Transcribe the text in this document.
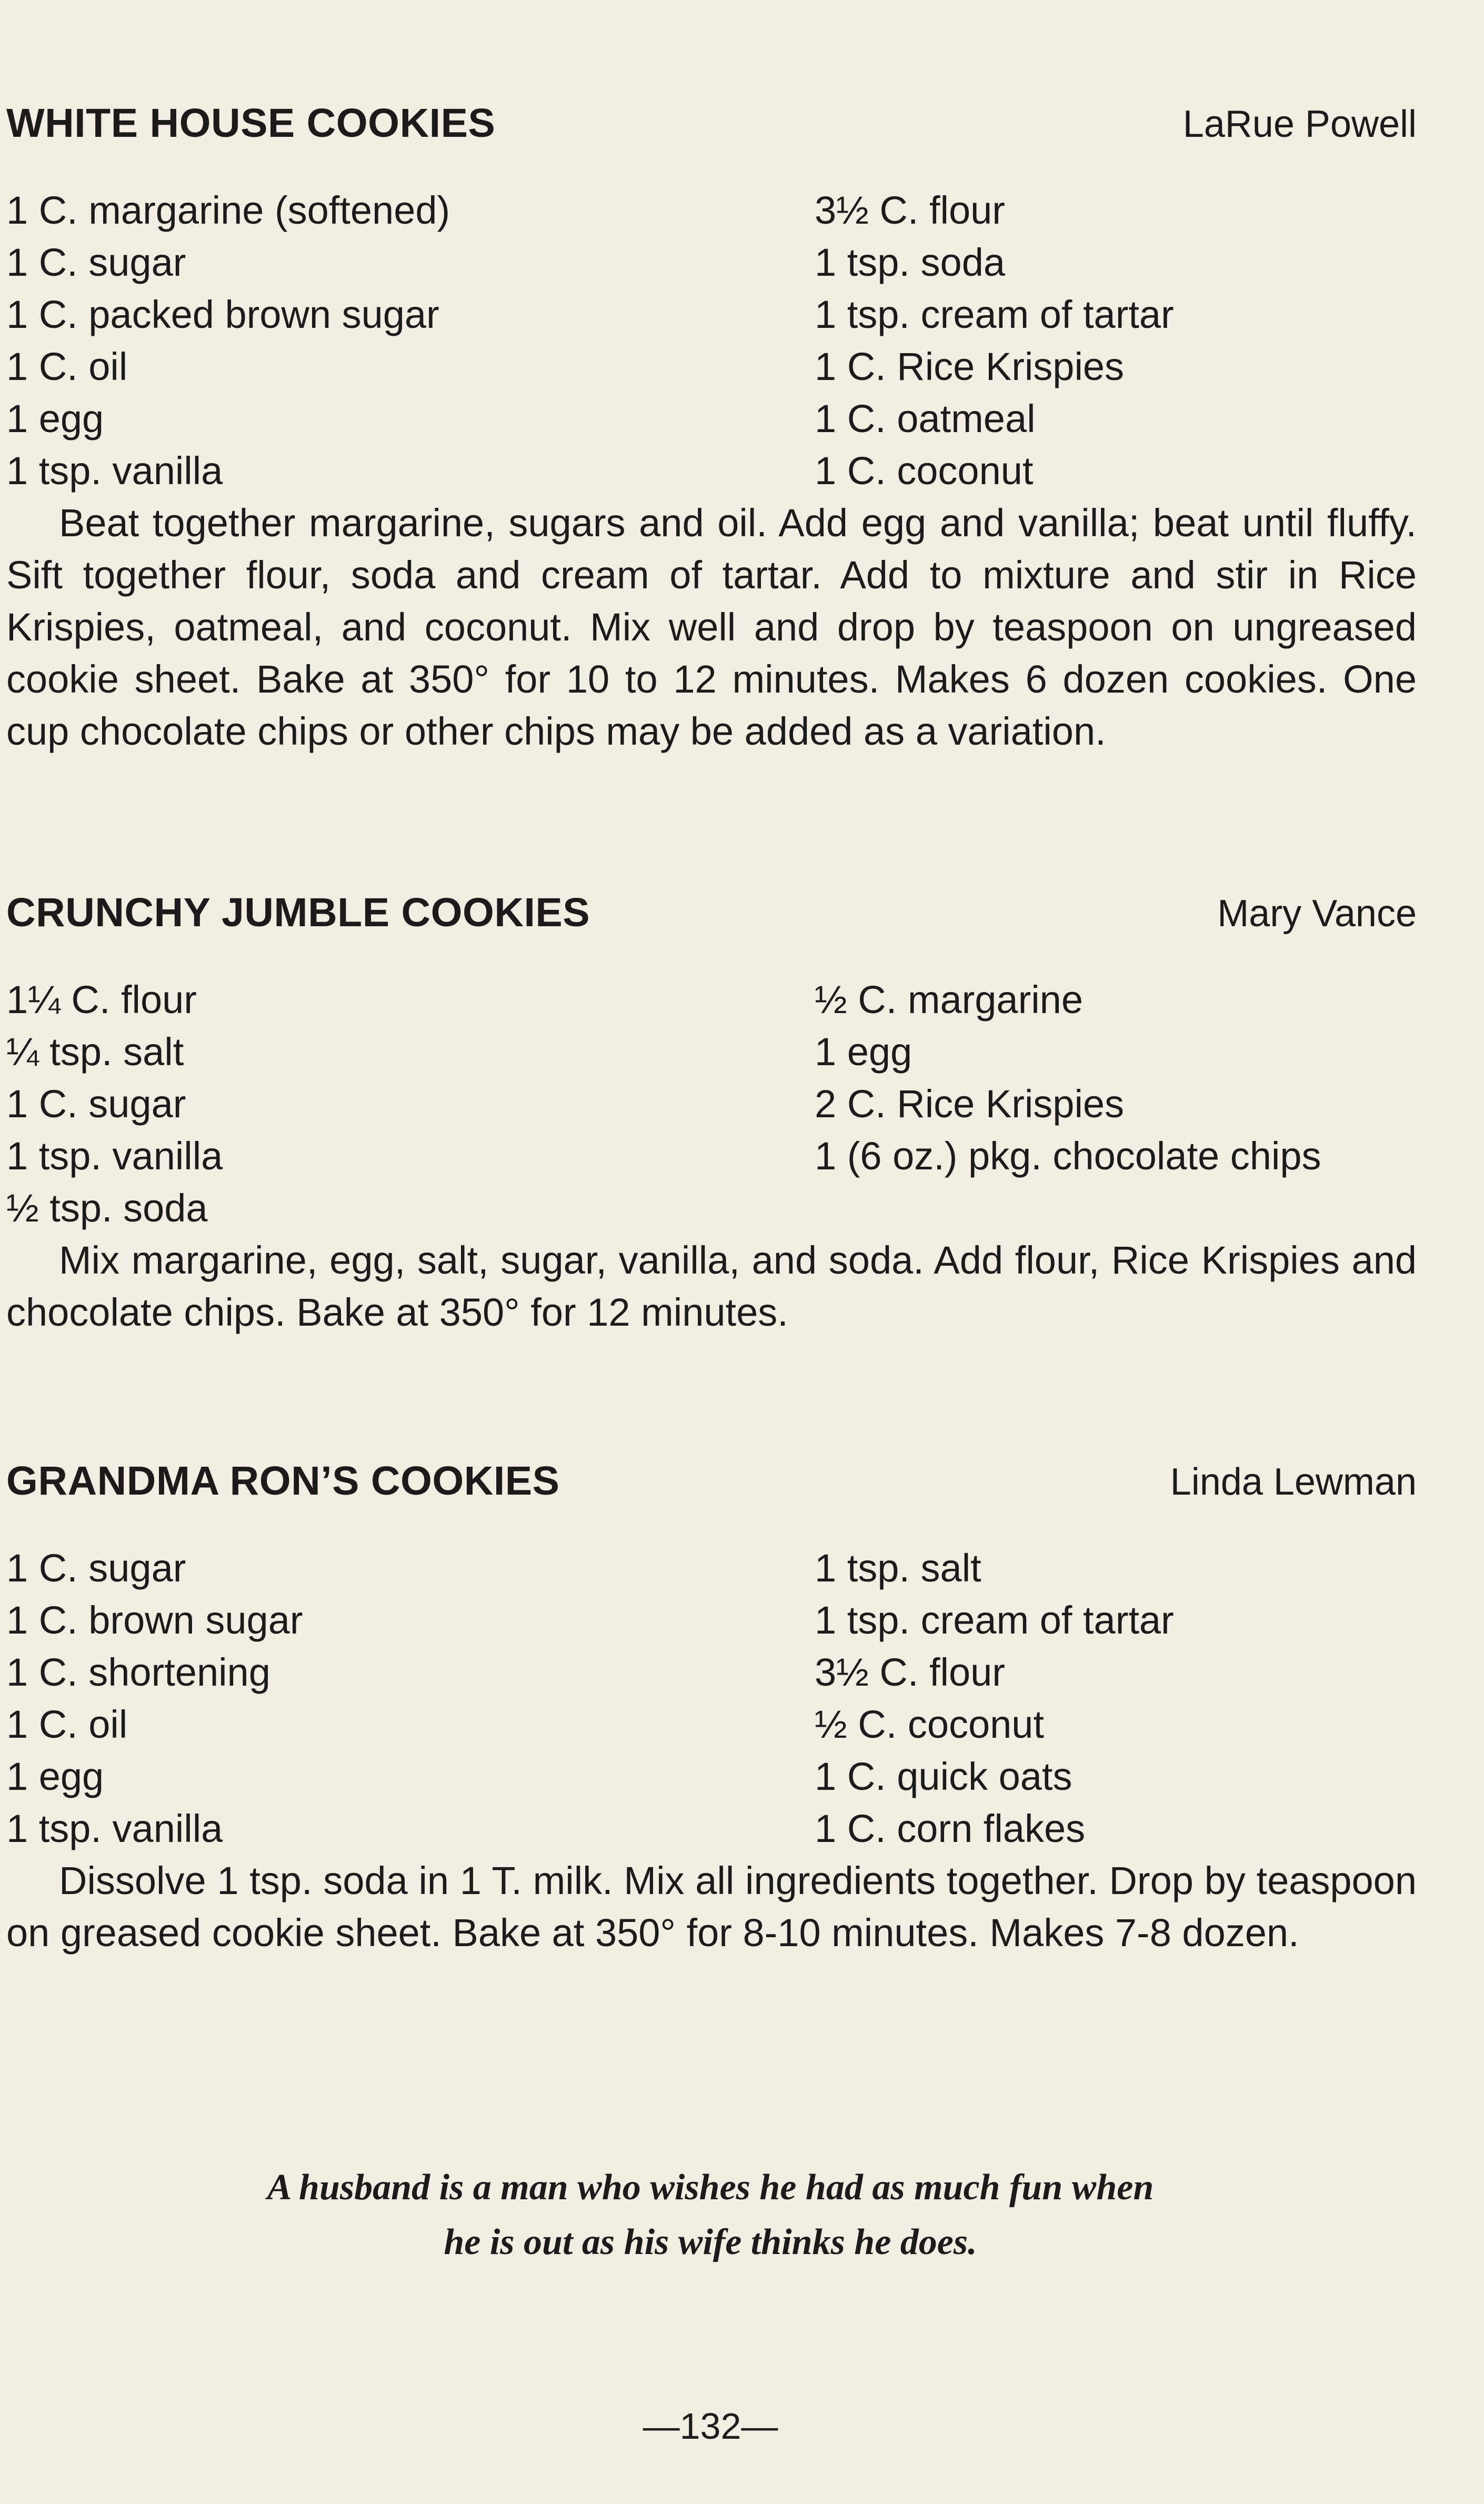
WHITE HOUSE COOKIES	LaRue Powell
1 C. margarine (softened)
1 C. sugar
1 C. packed brown sugar
1 C. oil
1 egg
1 tsp. vanilla
3½ C. flour
1 tsp. soda
1 tsp. cream of tartar
1 C. Rice Krispies
1 C. oatmeal
1 C. coconut

Beat together margarine, sugars and oil. Add egg and vanilla; beat until fluffy. Sift together flour, soda and cream of tartar. Add to mixture and stir in Rice Krispies, oatmeal, and coconut. Mix well and drop by teaspoon on ungreased cookie sheet. Bake at 350° for 10 to 12 minutes. Makes 6 dozen cookies. One cup chocolate chips or other chips may be added as a variation.

CRUNCHY JUMBLE COOKIES	Mary Vance
1¼ C. flour
¼ tsp. salt
1 C. sugar
1 tsp. vanilla
½ tsp. soda
½ C. margarine
1 egg
2 C. Rice Krispies
1 (6 oz.) pkg. chocolate chips

Mix margarine, egg, salt, sugar, vanilla, and soda. Add flour, Rice Krispies and chocolate chips. Bake at 350° for 12 minutes.

GRANDMA RON’S COOKIES	Linda Lewman
1 C. sugar
1 C. brown sugar
1 C. shortening
1 C. oil
1 egg
1 tsp. vanilla
1 tsp. salt
1 tsp. cream of tartar
3½ C. flour
½ C. coconut
1 C. quick oats
1 C. corn flakes

Dissolve 1 tsp. soda in 1 T. milk. Mix all ingredients together. Drop by teaspoon on greased cookie sheet. Bake at 350° for 8-10 minutes. Makes 7-8 dozen.

A husband is a man who wishes he had as much fun when
he is out as his wife thinks he does.
—132—
